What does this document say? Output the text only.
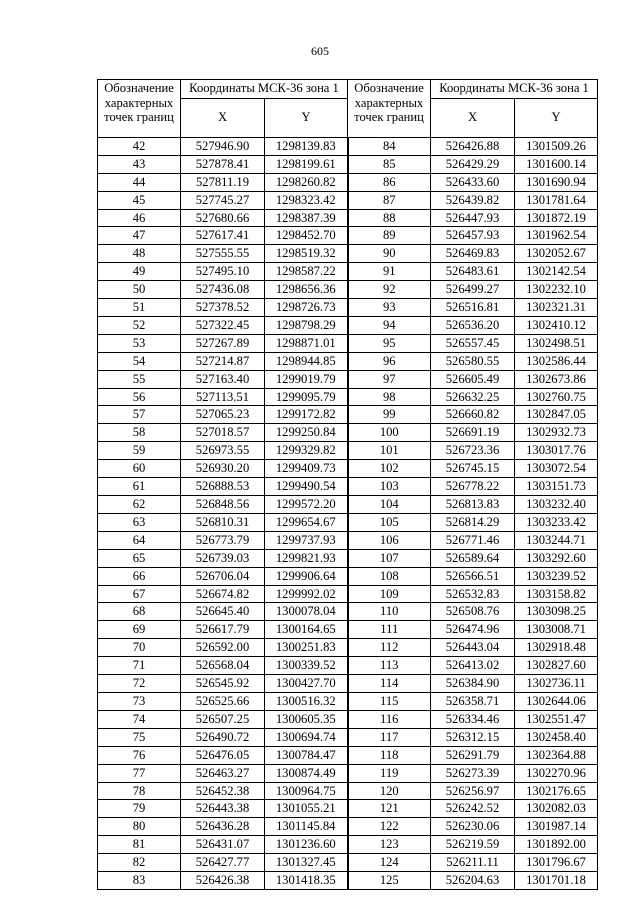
605
Обозначение характерных точек границ	Координаты МСК-36 зона 1		Обозначение характерных точек границ	Координаты МСК-36 зона 1	
	X	Y		X	Y
42	527946.90	1298139.83	84	526426.88	1301509.26
43	527878.41	1298199.61	85	526429.29	1301600.14
44	527811.19	1298260.82	86	526433.60	1301690.94
45	527745.27	1298323.42	87	526439.82	1301781.64
46	527680.66	1298387.39	88	526447.93	1301872.19
47	527617.41	1298452.70	89	526457.93	1301962.54
48	527555.55	1298519.32	90	526469.83	1302052.67
49	527495.10	1298587.22	91	526483.61	1302142.54
50	527436.08	1298656.36	92	526499.27	1302232.10
51	527378.52	1298726.73	93	526516.81	1302321.31
52	527322.45	1298798.29	94	526536.20	1302410.12
53	527267.89	1298871.01	95	526557.45	1302498.51
54	527214.87	1298944.85	96	526580.55	1302586.44
55	527163.40	1299019.79	97	526605.49	1302673.86
56	527113.51	1299095.79	98	526632.25	1302760.75
57	527065.23	1299172.82	99	526660.82	1302847.05
58	527018.57	1299250.84	100	526691.19	1302932.73
59	526973.55	1299329.82	101	526723.36	1303017.76
60	526930.20	1299409.73	102	526745.15	1303072.54
61	526888.53	1299490.54	103	526778.22	1303151.73
62	526848.56	1299572.20	104	526813.83	1303232.40
63	526810.31	1299654.67	105	526814.29	1303233.42
64	526773.79	1299737.93	106	526771.46	1303244.71
65	526739.03	1299821.93	107	526589.64	1303292.60
66	526706.04	1299906.64	108	526566.51	1303239.52
67	526674.82	1299992.02	109	526532.83	1303158.82
68	526645.40	1300078.04	110	526508.76	1303098.25
69	526617.79	1300164.65	111	526474.96	1303008.71
70	526592.00	1300251.83	112	526443.04	1302918.48
71	526568.04	1300339.52	113	526413.02	1302827.60
72	526545.92	1300427.70	114	526384.90	1302736.11
73	526525.66	1300516.32	115	526358.71	1302644.06
74	526507.25	1300605.35	116	526334.46	1302551.47
75	526490.72	1300694.74	117	526312.15	1302458.40
76	526476.05	1300784.47	118	526291.79	1302364.88
77	526463.27	1300874.49	119	526273.39	1302270.96
78	526452.38	1300964.75	120	526256.97	1302176.65
79	526443.38	1301055.21	121	526242.52	1302082.03
80	526436.28	1301145.84	122	526230.06	1301987.14
81	526431.07	1301236.60	123	526219.59	1301892.00
82	526427.77	1301327.45	124	526211.11	1301796.67
83	526426.38	1301418.35	125	526204.63	1301701.18
